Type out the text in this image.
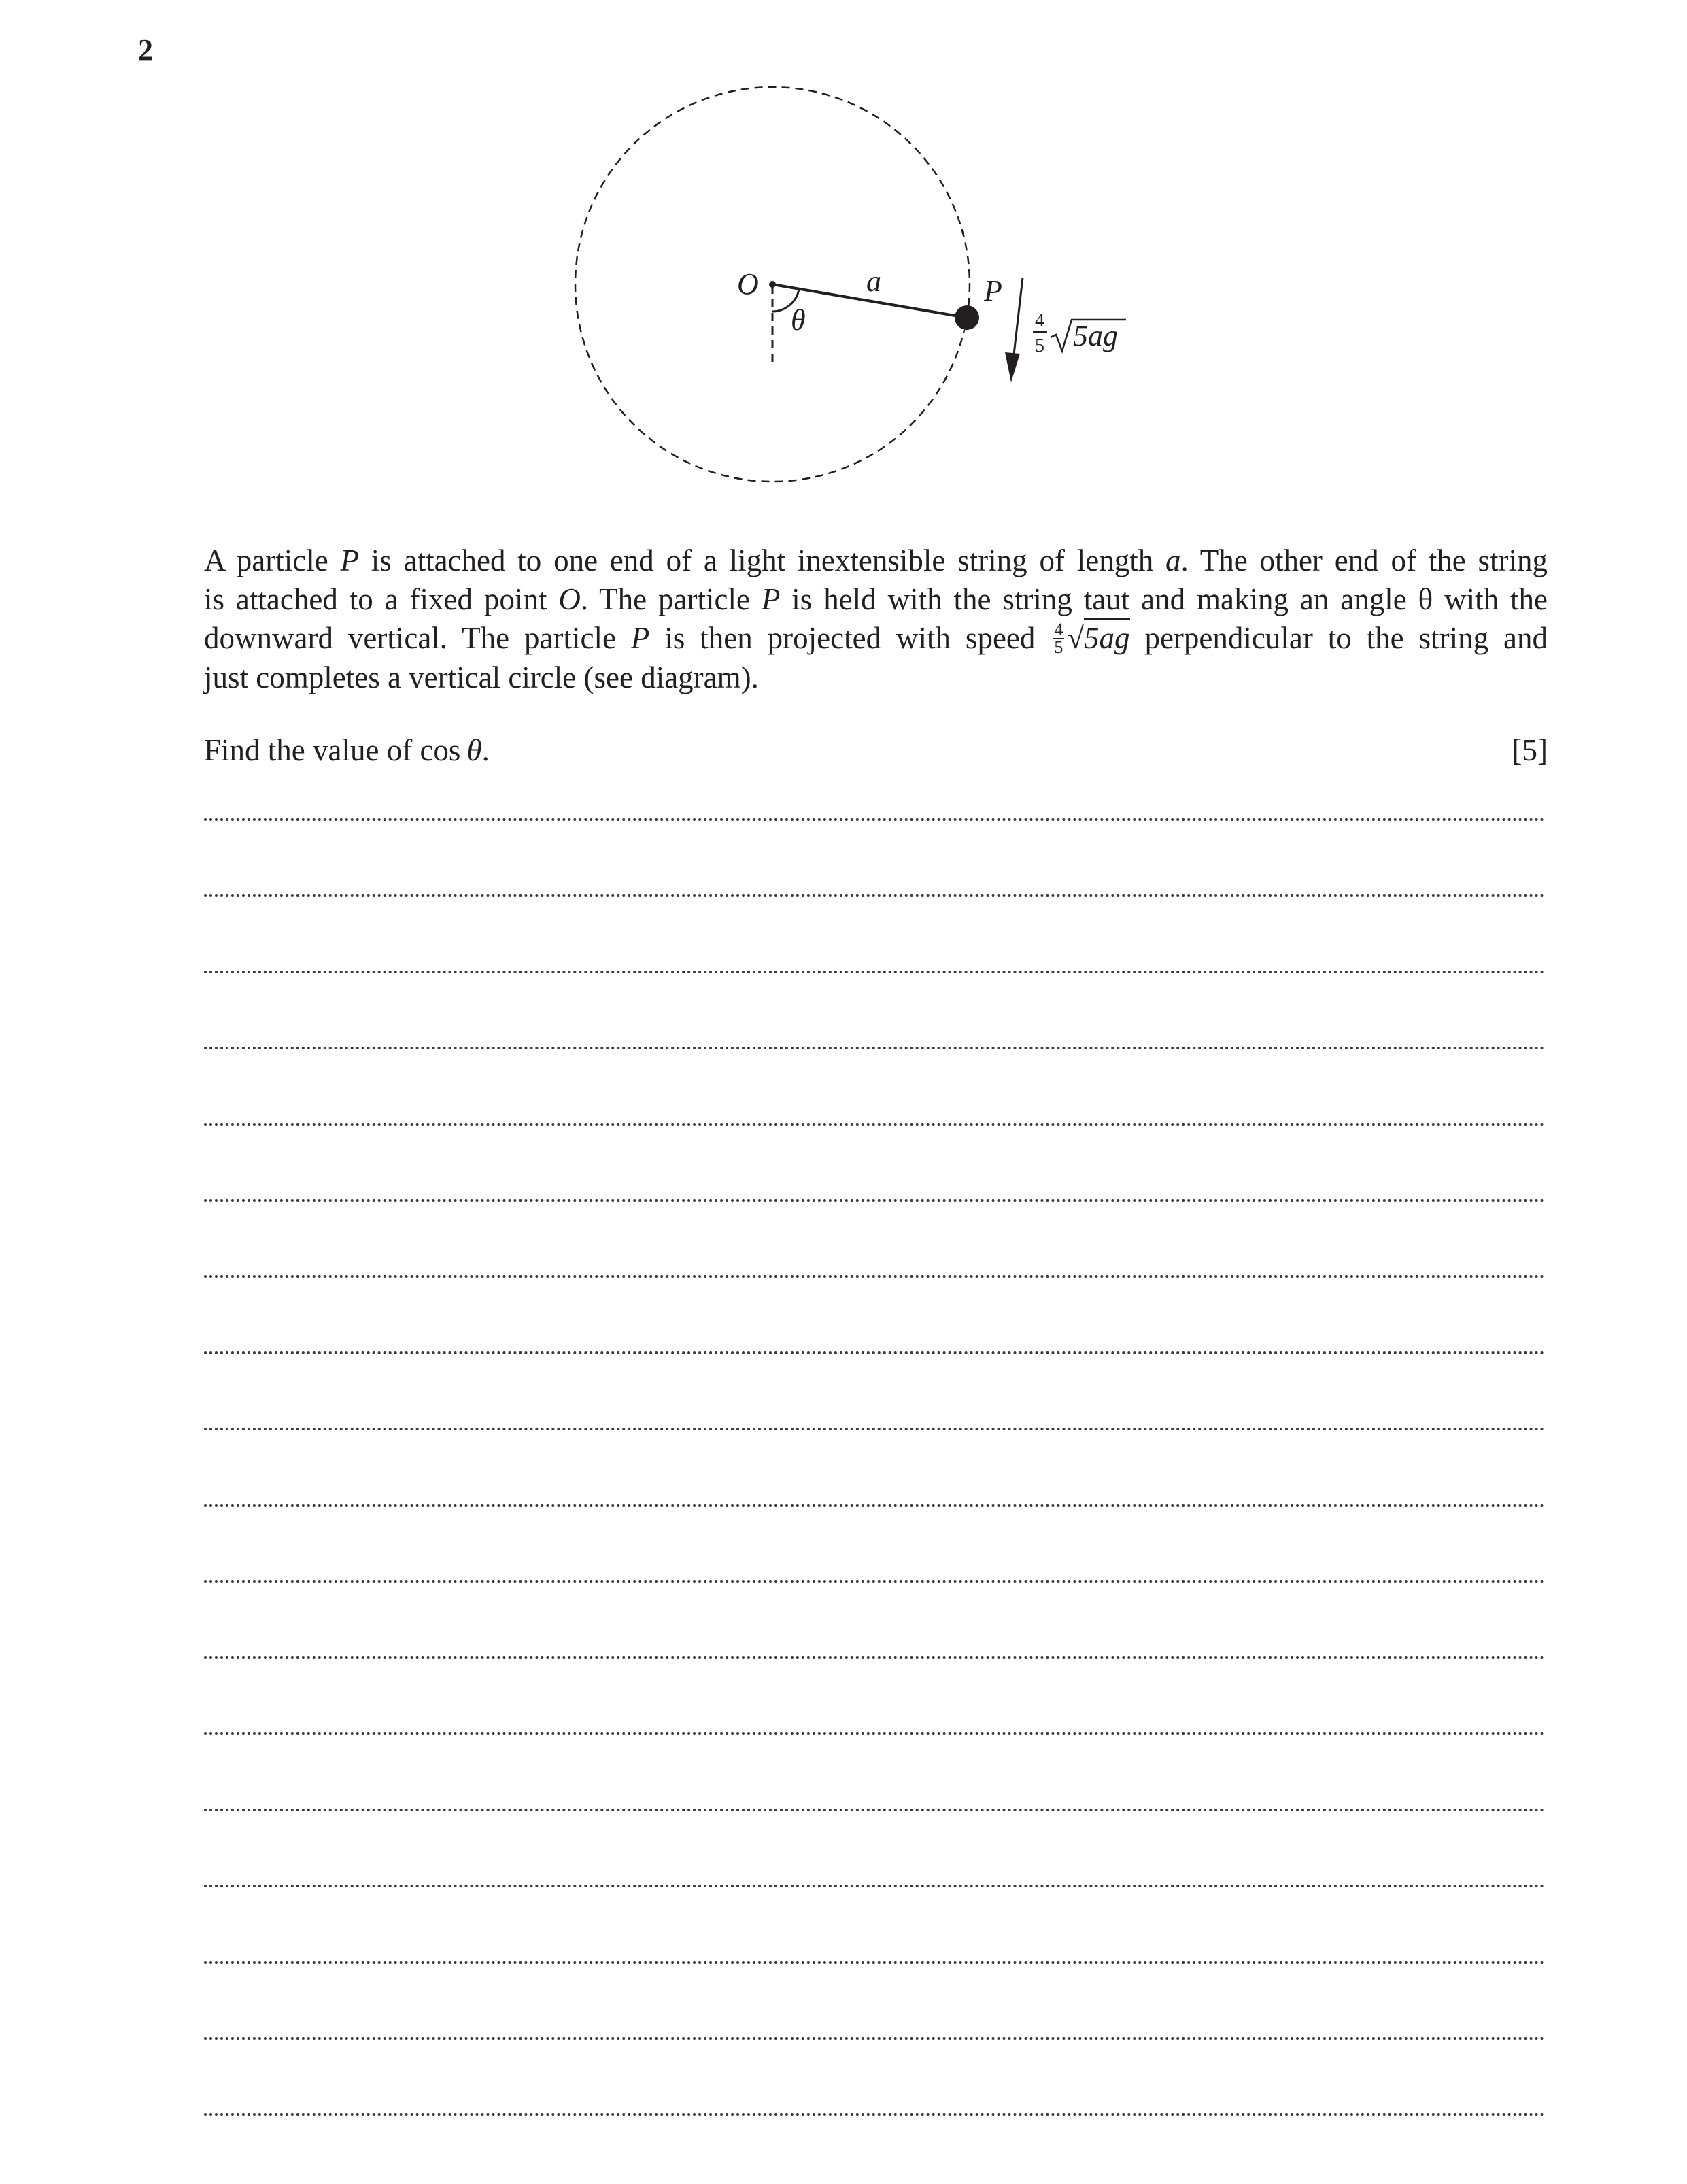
2
O	a	P
θ	4
5 5ag
A particle P is attached to one end of a light inextensible string of length a. The other end of the string
is attached to a fixed point O. The particle P is held with the string taut and making an angle θ with the
downward vertical. The particle P is then projected with speed $\frac{4}{5} √5ag$ perpendicular to the string and
just completes a vertical circle (see diagram).
Find the value of cos  θ.	[5]
